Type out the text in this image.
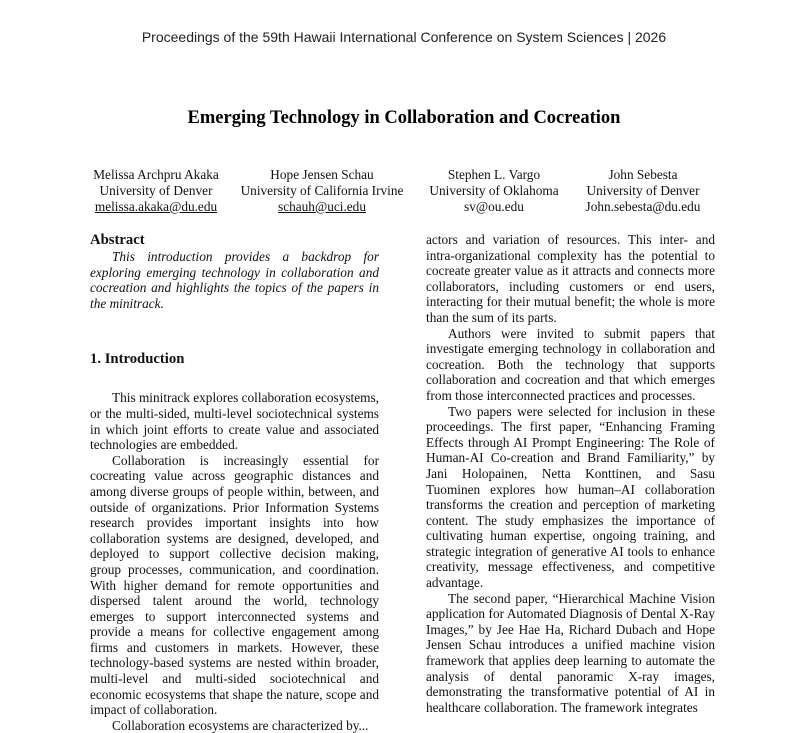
Proceedings of the 59th Hawaii International Conference on System Sciences | 2026
Emerging Technology in Collaboration and Cocreation
Melissa Archpru Akaka
University of Denver
melissa.akaka@du.edu
Hope Jensen Schau
University of California Irvine
schauh@uci.edu
Stephen L. Vargo
University of Oklahoma
sv@ou.edu
John Sebesta
University of Denver
John.sebesta@du.edu

Abstract

This introduction provides a backdrop for exploring emerging technology in collaboration and cocreation and highlights the topics of the papers in the minitrack.

1. Introduction

This minitrack explores collaboration ecosystems, or the multi-sided, multi-level sociotechnical systems in which joint efforts to create value and associated technologies are embedded.

Collaboration is increasingly essential for cocreating value across geographic distances and among diverse groups of people within, between, and outside of organizations. Prior Information Systems research provides important insights into how collaboration systems are designed, developed, and deployed to support collective decision making, group processes, communication, and coordination. With higher demand for remote opportunities and dispersed talent around the world, technology emerges to support interconnected systems and provide a means for collective engagement among firms and customers in markets. However, these technology-based systems are nested within broader, multi-level and multi-sided sociotechnical and economic ecosystems that shape the nature, scope and impact of collaboration.

Collaboration ecosystems are characterized by...

actors and variation of resources. This inter- and intra-organizational complexity has the potential to cocreate greater value as it attracts and connects more collaborators, including customers or end users, interacting for their mutual benefit; the whole is more than the sum of its parts.

Authors were invited to submit papers that investigate emerging technology in collaboration and cocreation. Both the technology that supports collaboration and cocreation and that which emerges from those interconnected practices and processes.

Two papers were selected for inclusion in these proceedings. The first paper, “Enhancing Framing Effects through AI Prompt Engineering: The Role of Human-AI Co-creation and Brand Familiarity,” by Jani Holopainen, Netta Konttinen, and Sasu Tuominen explores how human–AI collaboration transforms the creation and perception of marketing content. The study emphasizes the importance of cultivating human expertise, ongoing training, and strategic integration of generative AI tools to enhance creativity, message effectiveness, and competitive advantage.

The second paper, “Hierarchical Machine Vision application for Automated Diagnosis of Dental X-Ray Images,” by Jee Hae Ha, Richard Dubach and Hope Jensen Schau introduces a unified machine vision framework that applies deep learning to automate the analysis of dental panoramic X-ray images, demonstrating the transformative potential of AI in healthcare collaboration. The framework integrates
